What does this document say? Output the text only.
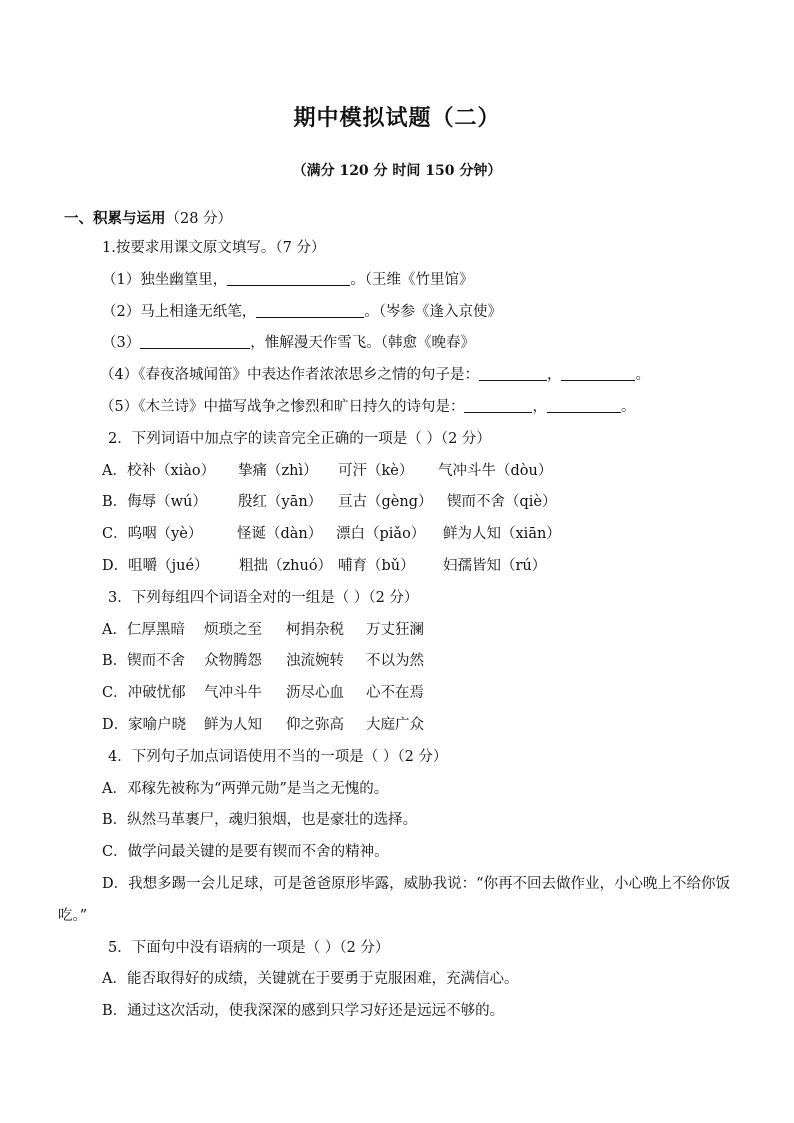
期中模拟试题（二）
（满分 120 分 时间 150 分钟）
一、积累与运用（28 分）
1.按要求用课文原文填写。（7 分）
（1）独坐幽篁里，	。（王维《竹里馆》
（2）马上相逢无纸笔，	。（岑参《逢入京使》
（3）	，惟解漫天作雪飞。（韩愈《晚春》
（4）《春夜洛城闻笛》中表达作者浓浓思乡之情的句子是：	，	。
（5）《木兰诗》中描写战争之惨烈和旷日持久的诗句是：	，	。
2．下列词语中加点字的读音完全正确的一项是（ ）（2 分）
A．校补（xiào） 挚痛（zhì） 可汗（kè） 气冲斗牛（dòu）
B．侮辱（wú） 殷红（yān） 亘古（gèng） 锲而不舍（qiè）
C．呜咽（yè） 怪诞（dàn） 漂白（piǎo） 鲜为人知（xiān）
D．咀嚼（jué） 粗拙（zhuó） 哺育（bǔ） 妇孺皆知（rú）
3．下列每组四个词语全对的一组是（ ）（2 分）
A．仁厚黑暗 烦琐之至 柯捐杂税 万丈狂澜
B．锲而不舍 众物腾怨 浊流婉转 不以为然
C．冲破忧郁 气冲斗牛 沥尽心血 心不在焉
D．家喻户晓 鲜为人知 仰之弥高 大庭广众
4．下列句子加点词语使用不当的一项是（ ）（2 分）
A．邓稼先被称为“两弹元勋”是当之无愧的。
B．纵然马革裹尸，魂归狼烟，也是豪壮的选择。
C．做学问最关键的是要有锲而不舍的精神。
D．我想多踢一会儿足球，可是爸爸原形毕露，威胁我说：“你再不回去做作业，小心晚上不给你饭
吃。”
5．下面句中没有语病的一项是（ ）（2 分）
A．能否取得好的成绩，关键就在于要勇于克服困难，充满信心。
B．通过这次活动，使我深深的感到只学习好还是远远不够的。
